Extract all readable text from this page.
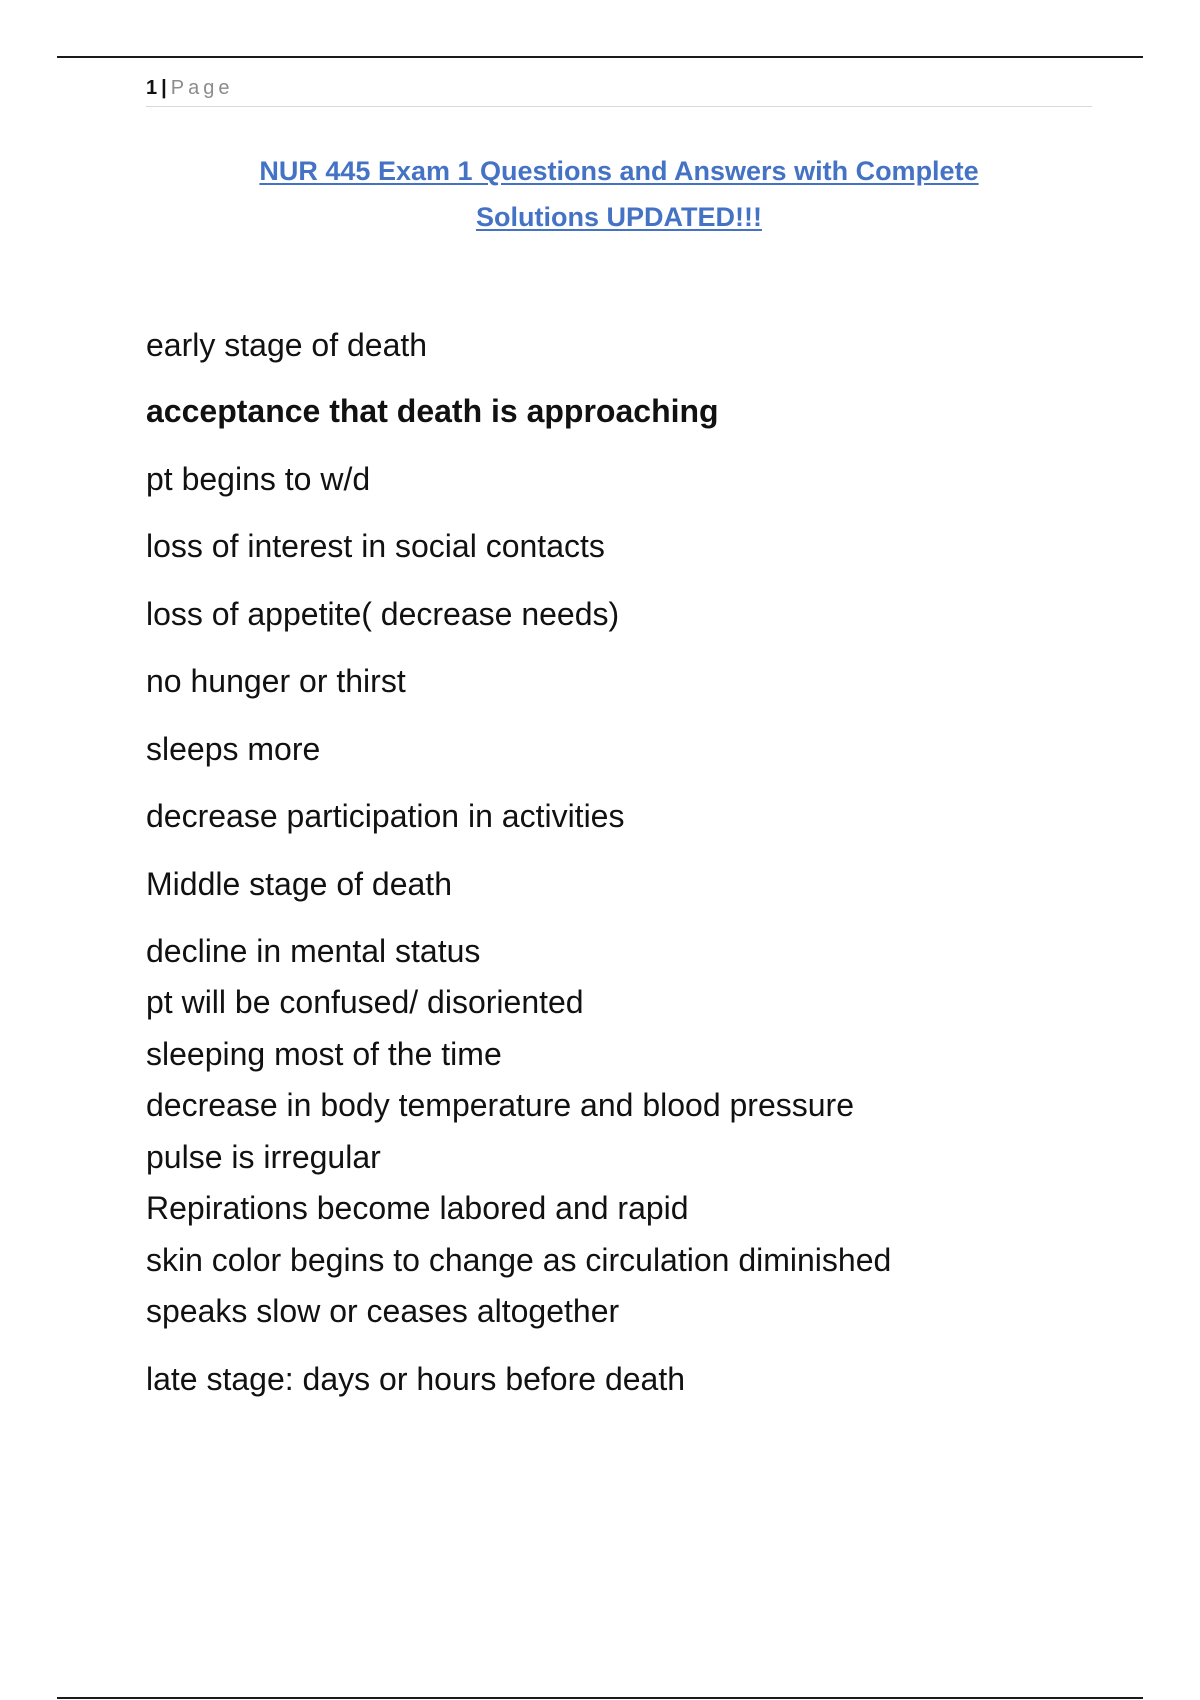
1 | Page
NUR 445 Exam 1 Questions and Answers with Complete
Solutions UPDATED!!!
early stage of death
acceptance that death is approaching
pt begins to w/d
loss of interest in social contacts
loss of appetite( decrease needs)
no hunger or thirst
sleeps more
decrease participation in activities
Middle stage of death
decline in mental status
pt will be confused/ disoriented
sleeping most of the time
decrease in body temperature and blood pressure
pulse is irregular
Repirations become labored and rapid
skin color begins to change as circulation diminished
speaks slow or ceases altogether
late stage: days or hours before death
